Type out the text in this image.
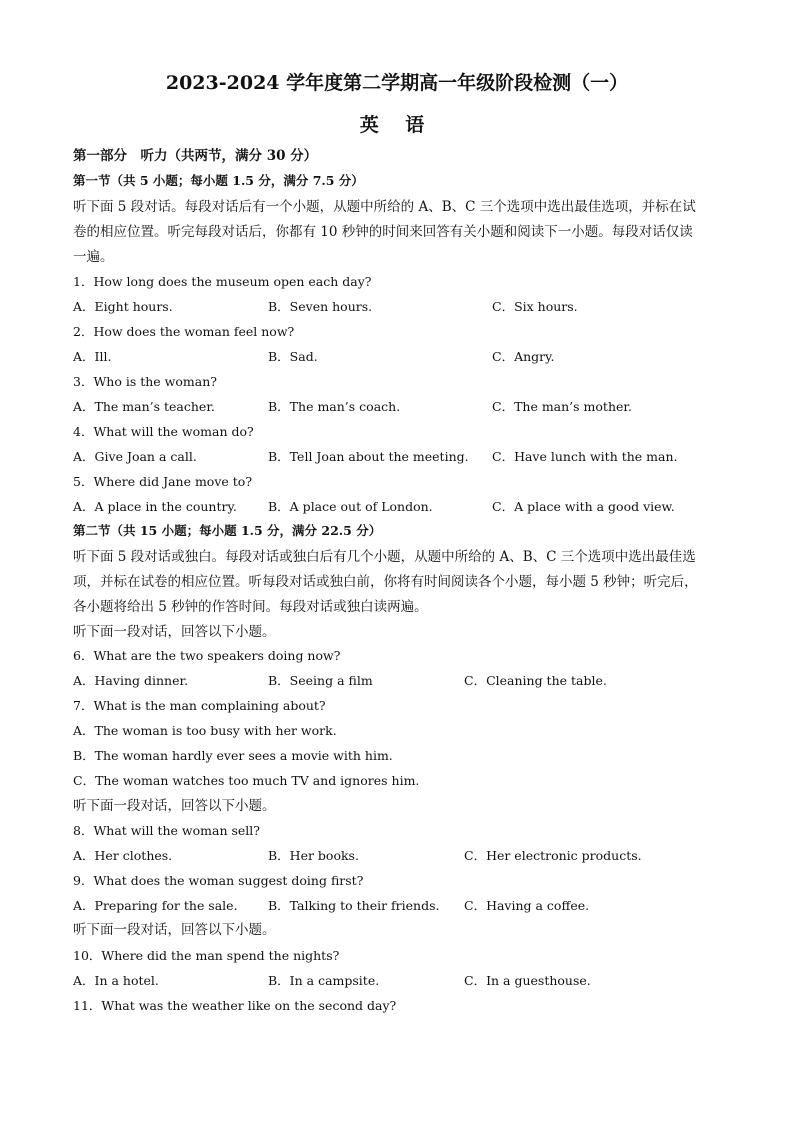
2023-2024 学年度第二学期高一年级阶段检测（一）
英 语
第一部分　听力（共两节，满分 30 分）
第一节（共 5 小题；每小题 1.5 分，满分 7.5 分）
听下面 5 段对话。每段对话后有一个小题，从题中所给的 A、B、C 三个选项中选出最佳选项，并标在试
卷的相应位置。听完每段对话后，你都有 10 秒钟的时间来回答有关小题和阅读下一小题。每段对话仅读
一遍。
1．How long does the museum open each day?
A．Eight hours.	B．Seven hours.	C．Six hours.
2．How does the woman feel now?
A．Ill.	B．Sad.	C．Angry.
3．Who is the woman?
A．The man’s teacher.	B．The man’s coach.	C．The man’s mother.
4．What will the woman do?
A．Give Joan a call.	B．Tell Joan about the meeting. C．Have lunch with the man.
5．Where did Jane move to?
A．A place in the country. B．A place out of London.	C．A place with a good view.
第二节（共 15 小题；每小题 1.5 分，满分 22.5 分）
听下面 5 段对话或独白。每段对话或独白后有几个小题，从题中所给的 A、B、C 三个选项中选出最佳选
项，并标在试卷的相应位置。听每段对话或独白前，你将有时间阅读各个小题，每小题 5 秒钟；听完后，
各小题将给出 5 秒钟的作答时间。每段对话或独白读两遍。
听下面一段对话，回答以下小题。
6．What are the two speakers doing now?
A．Having dinner.	B．Seeing a film	C．Cleaning the table.
7．What is the man complaining about?
A．The woman is too busy with her work.
B．The woman hardly ever sees a movie with him.
C．The woman watches too much TV and ignores him.
听下面一段对话，回答以下小题。
8．What will the woman sell?
A．Her clothes.	B．Her books.	C．Her electronic products.
9．What does the woman suggest doing first?
A．Preparing for the sale. B．Talking to their friends. C．Having a coffee.
听下面一段对话，回答以下小题。
10．Where did the man spend the nights?
A．In a hotel.	B．In a campsite.	C．In a guesthouse.
11．What was the weather like on the second day?
